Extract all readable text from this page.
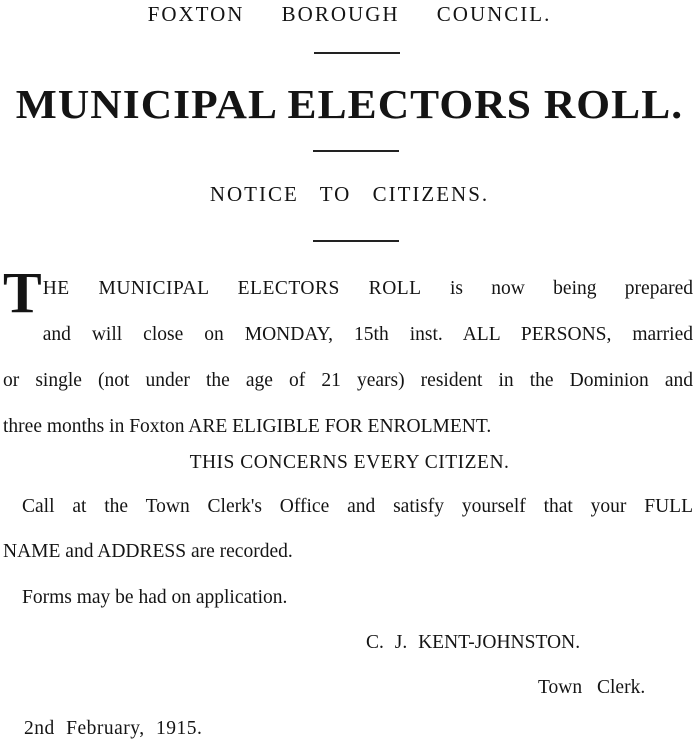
FOXTON BOROUGH COUNCIL.
MUNICIPAL ELECTORS ROLL.
NOTICE TO CITIZENS.
T HE MUNICIPAL ELECTORS ROLL is now being prepared
and will close on MONDAY, 15th inst. ALL PERSONS, married
or single (not under the age of 21 years) resident in the Dominion and
three months in Foxton ARE ELIGIBLE FOR ENROLMENT.
THIS CONCERNS EVERY CITIZEN.
Call at the Town Clerk's Office and satisfy yourself that your FULL
NAME and ADDRESS are recorded.
Forms may be had on application.
C. J. KENT-JOHNSTON.
Town Clerk.
2nd February, 1915.
